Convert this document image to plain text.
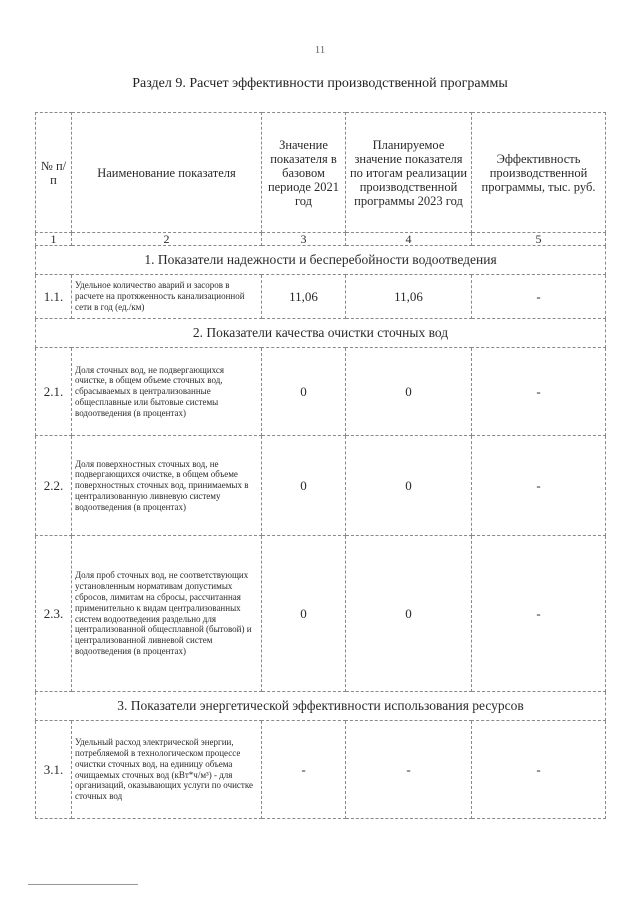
11
Раздел 9. Расчет эффективности производственной программы
№ п/п	Наименование показателя	Значение показателя в базовом периоде 2021 год	Планируемое значение показателя по итогам реализации производственной программы 2023 год	Эффективность производственной программы, тыс. руб.
1	2	3	4	5
1. Показатели надежности и бесперебойности водоотведения				
1.1.	Удельное количество аварий и засоров в расчете на протяженность канализационной сети в год (ед./км)	11,06	11,06	-
2. Показатели качества очистки сточных вод				
2.1.	Доля сточных вод, не подвергающихся очистке, в общем объеме сточных вод, сбрасываемых в централизованные общесплавные или бытовые системы водоотведения (в процентах)	0	0	-
2.2.	Доля поверхностных сточных вод, не подвергающихся очистке, в общем объеме поверхностных сточных вод, принимаемых в централизованную ливневую систему водоотведения (в процентах)	0	0	-
2.3.	Доля проб сточных вод, не соответствующих установленным нормативам допустимых сбросов, лимитам на сбросы, рассчитанная применительно к видам централизованных систем водоотведения раздельно для централизованной общесплавной (бытовой) и централизованной ливневой систем водоотведения (в процентах)	0	0	-
3. Показатели энергетической эффективности использования ресурсов				
3.1.	Удельный расход электрической энергии, потребляемой в технологическом процессе очистки сточных вод, на единицу объема очищаемых сточных вод (кВт*ч/м³) - для организаций, оказывающих услуги по очистке сточных вод	-	-	-
